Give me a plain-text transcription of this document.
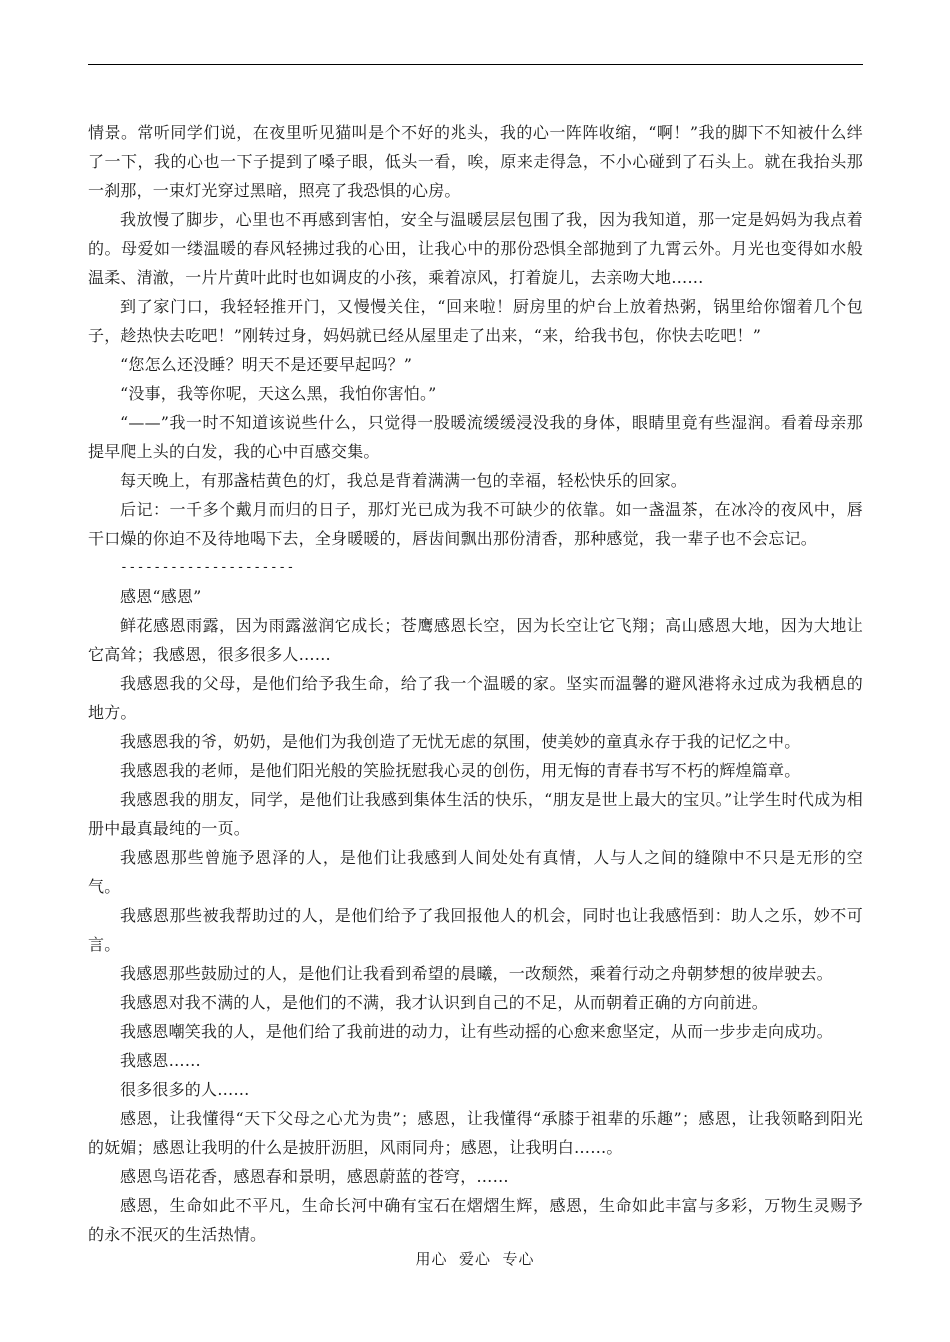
情景。常听同学们说，在夜里听见猫叫是个不好的兆头，我的心一阵阵收缩，“啊！”我的脚下不知被什么绊了一下，我的心也一下子提到了嗓子眼，低头一看，唉，原来走得急，不小心碰到了石头上。就在我抬头那一刹那，一束灯光穿过黑暗，照亮了我恐惧的心房。

我放慢了脚步，心里也不再感到害怕，安全与温暖层层包围了我，因为我知道，那一定是妈妈为我点着的。母爱如一缕温暖的春风轻拂过我的心田，让我心中的那份恐惧全部抛到了九霄云外。月光也变得如水般温柔、清澈，一片片黄叶此时也如调皮的小孩，乘着凉风，打着旋儿，去亲吻大地……

到了家门口，我轻轻推开门，又慢慢关住，“回来啦！厨房里的炉台上放着热粥，锅里给你馏着几个包子，趁热快去吃吧！”刚转过身，妈妈就已经从屋里走了出来，“来，给我书包，你快去吃吧！”

“您怎么还没睡？明天不是还要早起吗？”

“没事，我等你呢，天这么黑，我怕你害怕。”

“——”我一时不知道该说些什么，只觉得一股暖流缓缓浸没我的身体，眼睛里竟有些湿润。看着母亲那提早爬上头的白发，我的心中百感交集。

每天晚上，有那盏桔黄色的灯，我总是背着满满一包的幸福，轻松快乐的回家。

后记：一千多个戴月而归的日子，那灯光已成为我不可缺少的依靠。如一盏温茶，在冰冷的夜风中，唇干口燥的你迫不及待地喝下去，全身暖暖的，唇齿间飘出那份清香，那种感觉，我一辈子也不会忘记。

---------------------

感恩“感恩”

鲜花感恩雨露，因为雨露滋润它成长；苍鹰感恩长空，因为长空让它飞翔；高山感恩大地，因为大地让它高耸；我感恩，很多很多人……

我感恩我的父母，是他们给予我生命，给了我一个温暖的家。坚实而温馨的避风港将永过成为我栖息的地方。

我感恩我的爷，奶奶，是他们为我创造了无忧无虑的氛围，使美妙的童真永存于我的记忆之中。

我感恩我的老师，是他们阳光般的笑脸抚慰我心灵的创伤，用无悔的青春书写不朽的辉煌篇章。

我感恩我的朋友，同学，是他们让我感到集体生活的快乐，“朋友是世上最大的宝贝。”让学生时代成为相册中最真最纯的一页。

我感恩那些曾施予恩泽的人，是他们让我感到人间处处有真情，人与人之间的缝隙中不只是无形的空气。

我感恩那些被我帮助过的人，是他们给予了我回报他人的机会，同时也让我感悟到：助人之乐，妙不可言。

我感恩那些鼓励过的人，是他们让我看到希望的晨曦，一改颓然，乘着行动之舟朝梦想的彼岸驶去。

我感恩对我不满的人，是他们的不满，我才认识到自己的不足，从而朝着正确的方向前进。

我感恩嘲笑我的人，是他们给了我前进的动力，让有些动摇的心愈来愈坚定，从而一步步走向成功。

我感恩……

很多很多的人……

感恩，让我懂得“天下父母之心尤为贵”；感恩，让我懂得“承膝于祖辈的乐趣”；感恩，让我领略到阳光的妩媚；感恩让我明的什么是披肝沥胆，风雨同舟；感恩，让我明白……。

感恩鸟语花香，感恩春和景明，感恩蔚蓝的苍穹，……

感恩，生命如此不平凡，生命长河中确有宝石在熠熠生辉，感恩，生命如此丰富与多彩，万物生灵赐予的永不泯灭的生活热情。

用心  爱心  专心
